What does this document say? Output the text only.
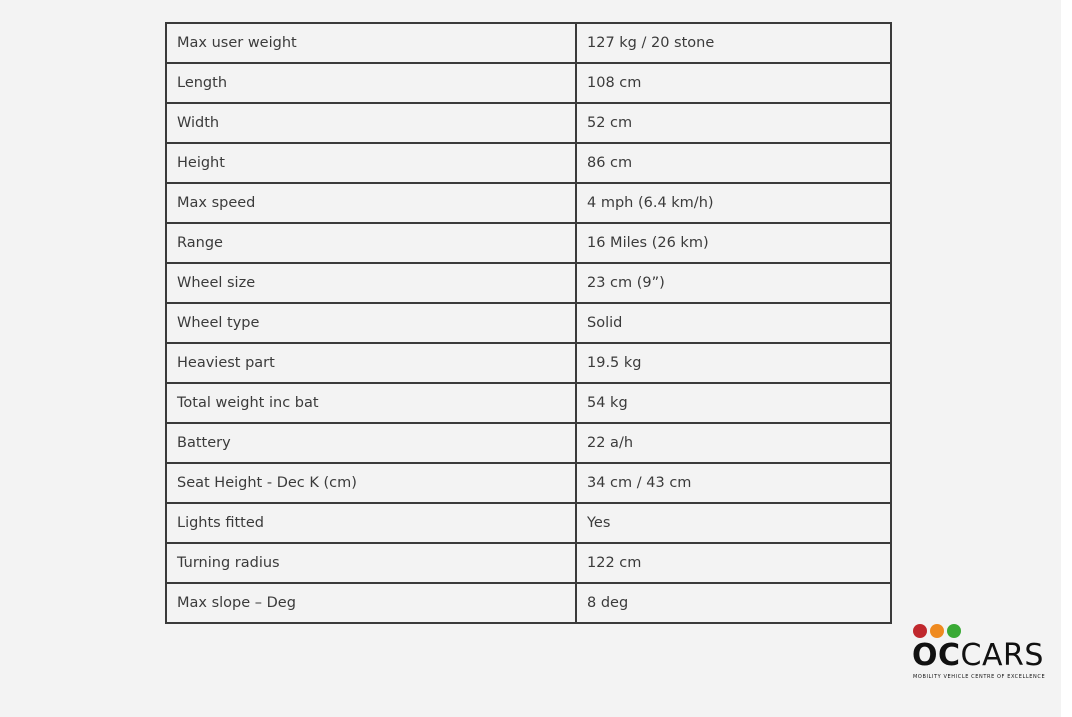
Max user weight	127 kg / 20 stone
Length	108 cm
Width	52 cm
Height	86 cm
Max speed	4 mph (6.4 km/h)
Range	16 Miles (26 km)
Wheel size	23 cm (9”)
Wheel type	Solid
Heaviest part	19.5 kg
Total weight inc bat	54 kg
Battery	22 a/h
Seat Height - Dec K (cm)	34 cm / 43 cm
Lights fitted	Yes
Turning radius	122 cm
Max slope – Deg	8 deg
OCCARS
MOBILITY VEHICLE CENTRE OF EXCELLENCE
